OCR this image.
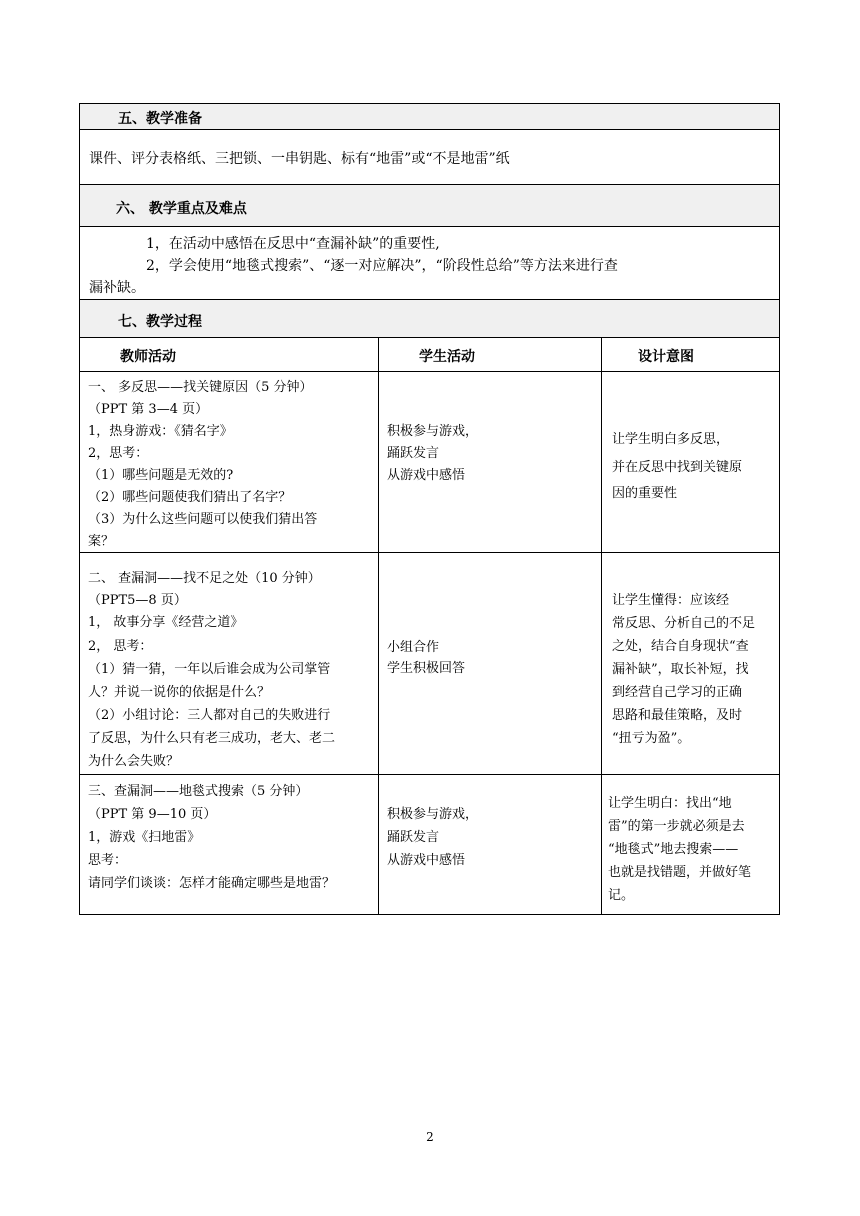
五、教学准备
课件、评分表格纸、三把锁、一串钥匙、标有“地雷”或“不是地雷”纸
六、 教学重点及难点
1，在活动中感悟在反思中“查漏补缺”的重要性,
2，学会使用“地毯式搜索”、“逐一对应解决”，“阶段性总给”等方法来进行查
漏补缺。
七、教学过程
教师活动	学生活动	设计意图
一、 多反思——找关键原因（5 分钟）
（PPT 第 3—4 页）
1，热身游戏：《猜名字》
2，思考：
（1）哪些问题是无效的?
（2）哪些问题使我们猜出了名字？
（3）为什么这些问题可以使我们猜出答
案？
积极参与游戏，
踊跃发言
从游戏中感悟
让学生明白多反思，
并在反思中找到关键原
因的重要性
二、 查漏洞——找不足之处（10 分钟）
（PPT5—8 页）
1， 故事分享《经营之道》
2， 思考：
（1）猜一猜，一年以后谁会成为公司掌管
人？并说一说你的依据是什么？
（2）小组讨论：三人都对自己的失败进行
了反思，为什么只有老三成功，老大、老二
为什么会失败？
小组合作
学生积极回答
让学生懂得：应该经
常反思、分析自己的不足
之处，结合自身现状“查
漏补缺”，取长补短，找
到经营自己学习的正确
思路和最佳策略，及时
“扭亏为盈”。
三、查漏洞——地毯式搜索（5 分钟）
（PPT 第 9—10 页）
1，游戏《扫地雷》
思考：
请同学们谈谈：怎样才能确定哪些是地雷？
积极参与游戏，
踊跃发言
从游戏中感悟
让学生明白：找出“地
雷”的第一步就必须是去
“地毯式”地去搜索——
也就是找错题，并做好笔
记。
2
